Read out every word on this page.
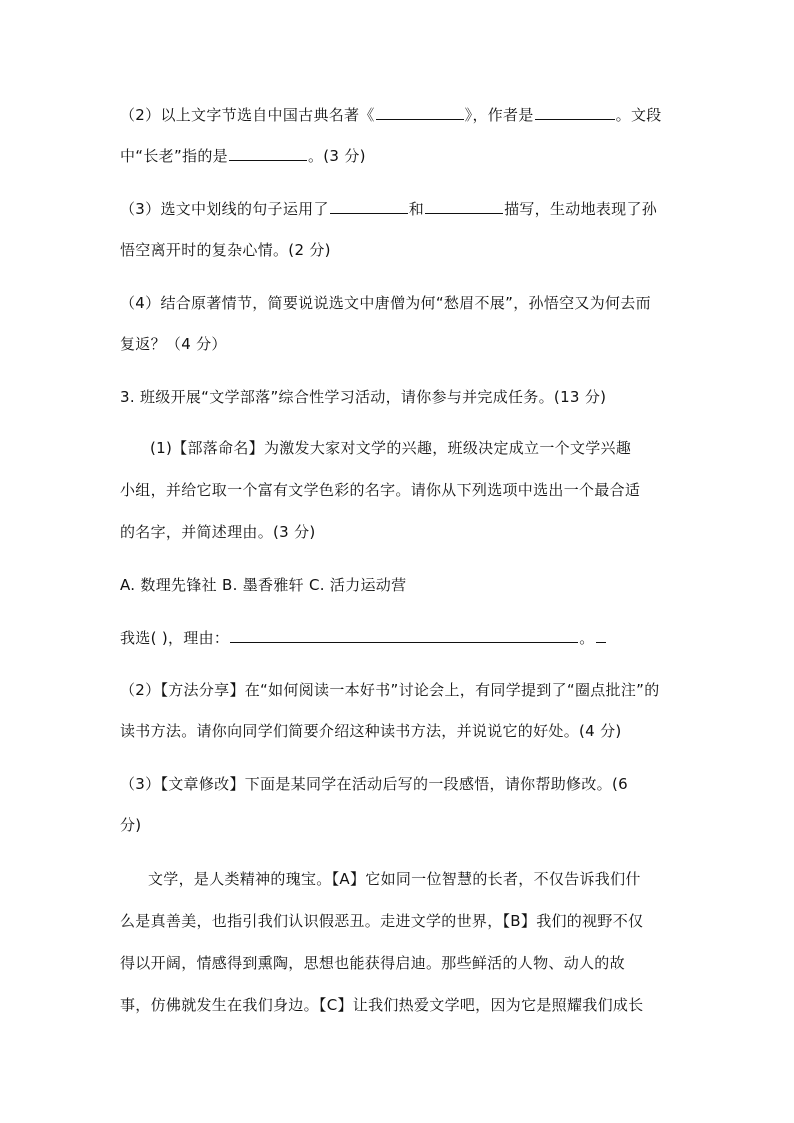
（2）以上文字节选自中国古典名著《	》，作者是	。文段
中“长老”指的是	。(3 分)
（3）选文中划线的句子运用了	和	描写，生动地表现了孙
悟空离开时的复杂心情。(2 分)
（4）结合原著情节，简要说说选文中唐僧为何“愁眉不展”，孙悟空又为何去而
复返？（4 分）
3. 班级开展“文学部落”综合性学习活动，请你参与并完成任务。(13 分)
(1)【部落命名】为激发大家对文学的兴趣，班级决定成立一个文学兴趣
小组，并给它取一个富有文学色彩的名字。请你从下列选项中选出一个最合适
的名字，并简述理由。(3 分)
A. 数理先锋社 B. 墨香雅轩 C. 活力运动营
我选( )，理由：	。
（2）【方法分享】在“如何阅读一本好书”讨论会上，有同学提到了“圈点批注”的
读书方法。请你向同学们简要介绍这种读书方法，并说说它的好处。(4 分)
（3）【文章修改】下面是某同学在活动后写的一段感悟，请你帮助修改。(6
分)
文学，是人类精神的瑰宝。【A】它如同一位智慧的长者，不仅告诉我们什
么是真善美，也指引我们认识假恶丑。走进文学的世界，【B】我们的视野不仅
得以开阔，情感得到熏陶，思想也能获得启迪。那些鲜活的人物、动人的故
事，仿佛就发生在我们身边。【C】让我们热爱文学吧，因为它是照耀我们成长
